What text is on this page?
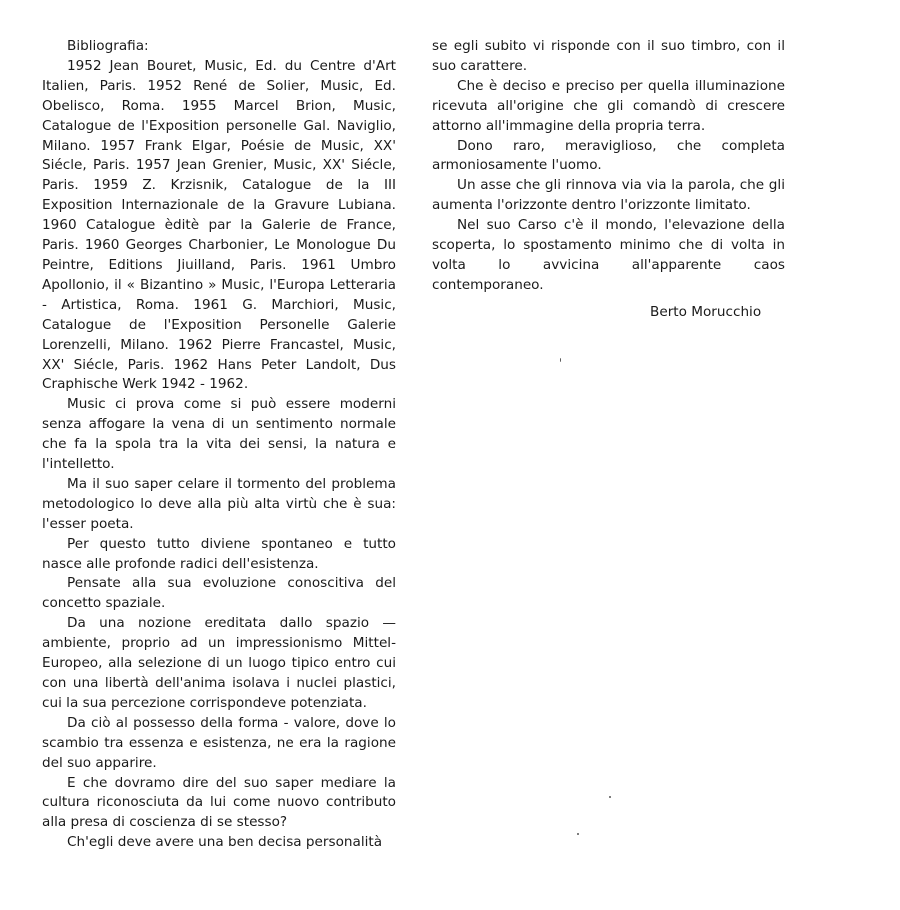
Bibliografia:

1952 Jean Bouret, Music, Ed. du Centre d'Art Italien, Paris. 1952 René de Solier, Music, Ed. Obelisco, Roma. 1955 Marcel Brion, Music, Catalogue de l'Exposition personelle Gal. Naviglio, Milano. 1957 Frank Elgar, Poésie de Music, XX' Siécle, Paris. 1957 Jean Grenier, Music, XX' Siécle, Paris. 1959 Z. Krzisnik, Catalogue de la III Exposition Internazionale de la Gravure Lubiana. 1960 Catalogue èditè par la Galerie de France, Paris. 1960 Georges Charbonier, Le Monologue Du Peintre, Editions Jiuilland, Paris. 1961 Umbro Apollonio, il « Bizantino » Music, l'Europa Letteraria - Artistica, Roma. 1961 G. Marchiori, Music, Catalogue de l'Exposition Personelle Galerie Lorenzelli, Milano. 1962 Pierre Francastel, Music, XX' Siécle, Paris. 1962 Hans Peter Landolt, Dus Craphische Werk 1942 - 1962.

Music ci prova come si può essere moderni senza affogare la vena di un sentimento normale che fa la spola tra la vita dei sensi, la natura e l'intelletto.

Ma il suo saper celare il tormento del problema metodologico lo deve alla più alta virtù che è sua: l'esser poeta.

Per questo tutto diviene spontaneo e tutto nasce alle profonde radici dell'esistenza.

Pensate alla sua evoluzione conoscitiva del concetto spaziale.

Da una nozione ereditata dallo spazio — ambiente, proprio ad un impressionismo Mittel-Europeo, alla selezione di un luogo tipico entro cui con una libertà dell'anima isolava i nuclei plastici, cui la sua percezione corrispondeve potenziata.

Da ciò al possesso della forma - valore, dove lo scambio tra essenza e esistenza, ne era la ragione del suo apparire.

E che dovramo dire del suo saper mediare la cultura riconosciuta da lui come nuovo contributo alla presa di coscienza di se stesso?

Ch'egli deve avere una ben decisa personalità

se egli subito vi risponde con il suo timbro, con il suo carattere.

Che è deciso e preciso per quella illuminazione ricevuta all'origine che gli comandò di crescere attorno all'immagine della propria terra.

Dono raro, meraviglioso, che completa armoniosamente l'uomo.

Un asse che gli rinnova via via la parola, che gli aumenta l'orizzonte dentro l'orizzonte limitato.

Nel suo Carso c'è il mondo, l'elevazione della scoperta, lo spostamento minimo che di volta in volta lo avvicina all'apparente caos contemporaneo.

Berto Morucchio
